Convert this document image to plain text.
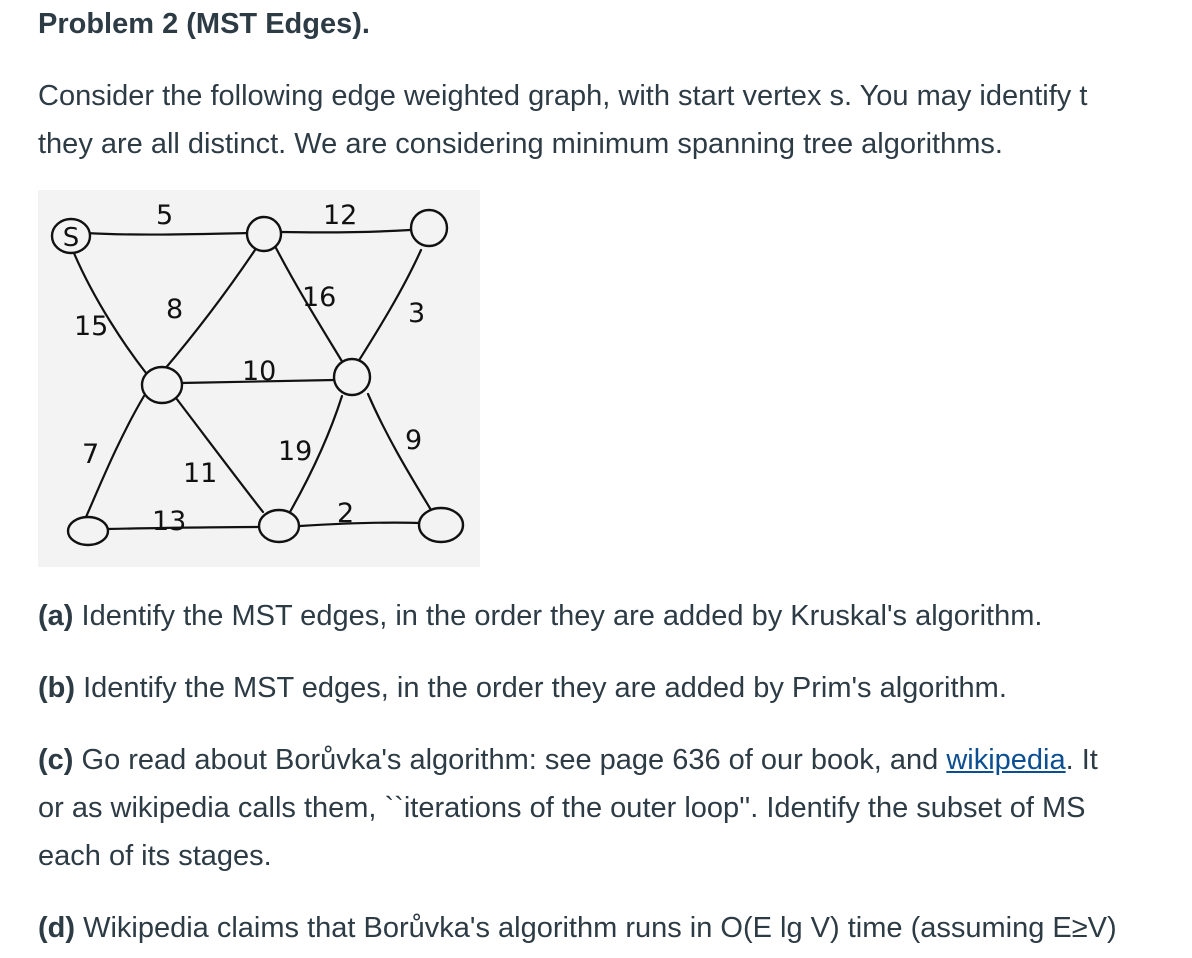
Problem 2 (MST Edges).
Consider the following edge weighted graph, with start vertex s. You may identify t
they are all distinct. We are considering minimum spanning tree algorithms.
S
5	12
15
8	16
3
10
7
11
19	9
13	2
(a) Identify the MST edges, in the order they are added by Kruskal's algorithm.
(b) Identify the MST edges, in the order they are added by Prim's algorithm.
(c) Go read about Borůvka's algorithm: see page 636 of our book, and wikipedia. It
or as wikipedia calls them, ``iterations of the outer loop''. Identify the subset of MS
each of its stages.
(d) Wikipedia claims that Borůvka's algorithm runs in O(E lg V) time (assuming E≥V)
